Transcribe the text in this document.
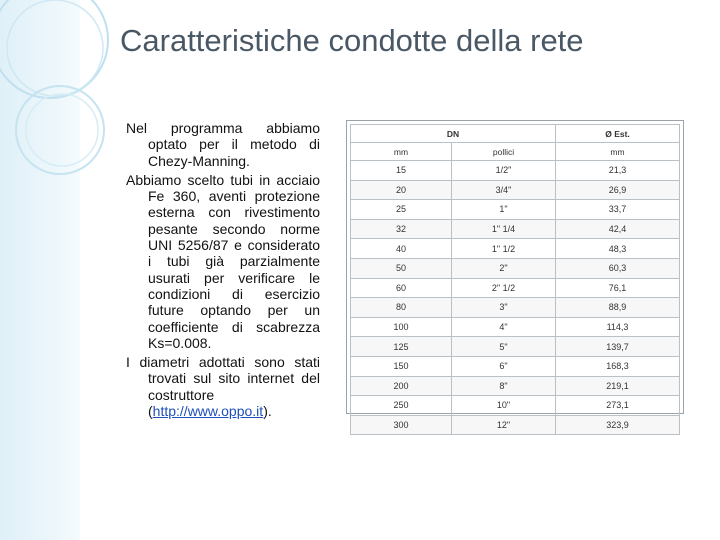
Caratteristiche condotte della rete

Nel programma abbiamo optato per il metodo di Chezy-Manning.

Abbiamo scelto tubi in acciaio Fe 360, aventi protezione esterna con rivestimento pesante secondo norme UNI 5256/87 e considerato i tubi già parzialmente usurati per verificare le condizioni di esercizio future optando per un coefficiente di scabrezza Ks=0.008.

I diametri adottati sono stati trovati sul sito internet del costruttore (http://www.oppo.it).

DN		Ø Est.
mm	pollici	mm
15	1/2"	21,3
20	3/4"	26,9
25	1"	33,7
32	1" 1/4	42,4
40	1" 1/2	48,3
50	2"	60,3
60	2" 1/2	76,1
80	3"	88,9
100	4"	114,3
125	5"	139,7
150	6"	168,3
200	8"	219,1
250	10"	273,1
300	12"	323,9
